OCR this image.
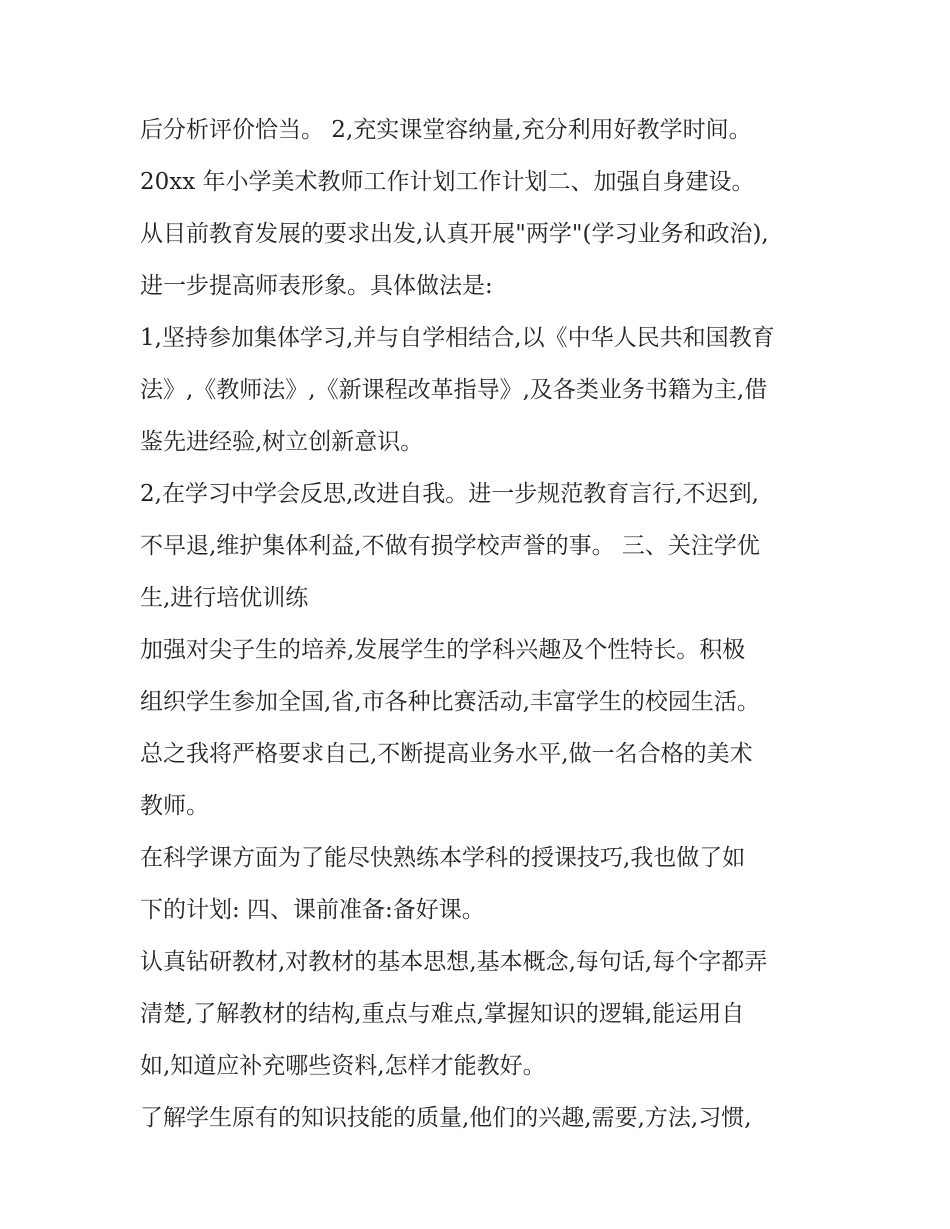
后分析评价恰当。 2,充实课堂容纳量,充分利用好教学时间。
20xx 年小学美术教师工作计划工作计划二、加强自身建设。
从目前教育发展的要求出发,认真开展"两学"(学习业务和政治),
进一步提高师表形象。具体做法是:
1,坚持参加集体学习,并与自学相结合,以《中华人民共和国教育
法》,《教师法》,《新课程改革指导》,及各类业务书籍为主,借
鉴先进经验,树立创新意识。
2,在学习中学会反思,改进自我。进一步规范教育言行,不迟到,
不早退,维护集体利益,不做有损学校声誉的事。 三、关注学优
生,进行培优训练
加强对尖子生的培养,发展学生的学科兴趣及个性特长。积极
组织学生参加全国,省,市各种比赛活动,丰富学生的校园生活。
总之我将严格要求自己,不断提高业务水平,做一名合格的美术
教师。
在科学课方面为了能尽快熟练本学科的授课技巧,我也做了如
下的计划: 四、课前准备:备好课。
认真钻研教材,对教材的基本思想,基本概念,每句话,每个字都弄
清楚,了解教材的结构,重点与难点,掌握知识的逻辑,能运用自
如,知道应补充哪些资料,怎样才能教好。
了解学生原有的知识技能的质量,他们的兴趣,需要,方法,习惯,
